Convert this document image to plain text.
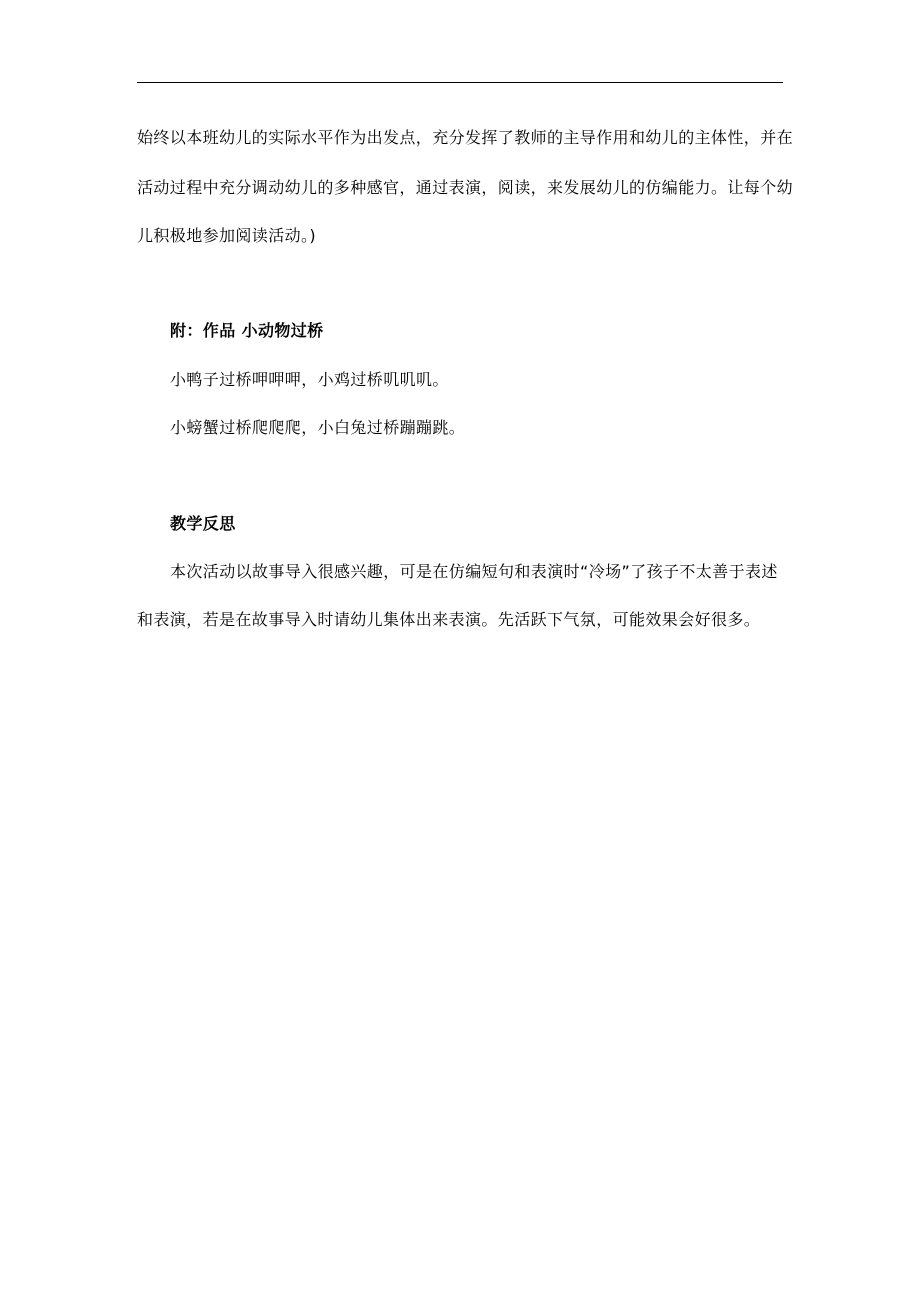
始终以本班幼儿的实际水平作为出发点，充分发挥了教师的主导作用和幼儿的主体性，并在
活动过程中充分调动幼儿的多种感官，通过表演，阅读，来发展幼儿的仿编能力。让每个幼
儿积极地参加阅读活动。)
附：作品 小动物过桥
小鸭子过桥呷呷呷，小鸡过桥叽叽叽。
小螃蟹过桥爬爬爬，小白兔过桥蹦蹦跳。
教学反思
本次活动以故事导入很感兴趣，可是在仿编短句和表演时“冷场”了孩子不太善于表述
和表演，若是在故事导入时请幼儿集体出来表演。先活跃下气氛，可能效果会好很多。
